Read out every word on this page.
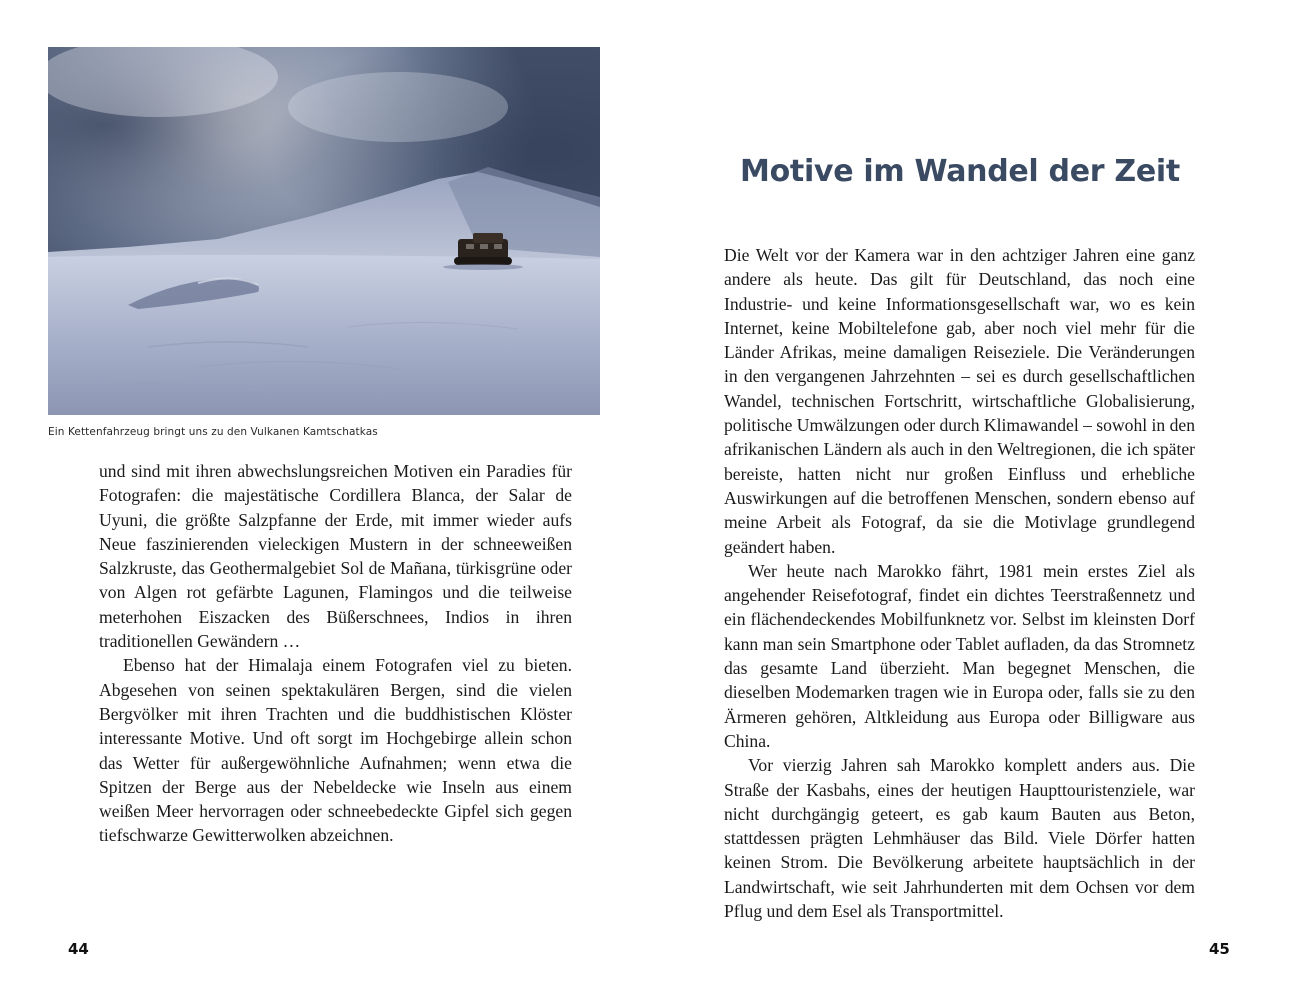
Ein Kettenfahrzeug bringt uns zu den Vulkanen Kamtschatkas

und sind mit ihren abwechslungsreichen Motiven ein Paradies für Fotografen: die majestätische Cordillera Blanca, der Salar de Uyuni, die größte Salzpfanne der Erde, mit immer wieder aufs Neue faszinierenden vieleckigen Mustern in der schneeweißen Salzkruste, das Geothermalgebiet Sol de Mañana, türkisgrüne oder von Algen rot gefärbte Lagunen, Flamingos und die teilweise meterhohen Eiszacken des Büßerschnees, Indios in ihren traditionellen Gewändern …

Ebenso hat der Himalaja einem Fotografen viel zu bieten. Abgesehen von seinen spektakulären Bergen, sind die vielen Bergvölker mit ihren Trachten und die buddhistischen Klöster interessante Motive. Und oft sorgt im Hochgebirge allein schon das Wetter für außergewöhnliche Aufnahmen; wenn etwa die Spitzen der Berge aus der Nebeldecke wie Inseln aus einem weißen Meer hervorragen oder schneebedeckte Gipfel sich gegen tiefschwarze Gewitterwolken abzeichnen.

Motive im Wandel der Zeit

Die Welt vor der Kamera war in den achtziger Jahren eine ganz andere als heute. Das gilt für Deutschland, das noch eine Industrie- und keine Informationsgesellschaft war, wo es kein Internet, keine Mobiltelefone gab, aber noch viel mehr für die Länder Afrikas, meine damaligen Reiseziele. Die Veränderungen in den vergangenen Jahrzehnten – sei es durch gesellschaftlichen Wandel, technischen Fortschritt, wirtschaftliche Globalisierung, politische Umwälzungen oder durch Klimawandel – sowohl in den afrikanischen Ländern als auch in den Weltregionen, die ich später bereiste, hatten nicht nur großen Einfluss und erhebliche Auswirkungen auf die betroffenen Menschen, sondern ebenso auf meine Arbeit als Fotograf, da sie die Motivlage grundlegend geändert haben.

Wer heute nach Marokko fährt, 1981 mein erstes Ziel als angehender Reisefotograf, findet ein dichtes Teerstraßennetz und ein flächendeckendes Mobilfunknetz vor. Selbst im kleinsten Dorf kann man sein Smartphone oder Tablet aufladen, da das Stromnetz das gesamte Land überzieht. Man begegnet Menschen, die dieselben Modemarken tragen wie in Europa oder, falls sie zu den Ärmeren gehören, Altkleidung aus Europa oder Billigware aus China.

Vor vierzig Jahren sah Marokko komplett anders aus. Die Straße der Kasbahs, eines der heutigen Haupttouristenziele, war nicht durchgängig geteert, es gab kaum Bauten aus Beton, stattdessen prägten Lehmhäuser das Bild. Viele Dörfer hatten keinen Strom. Die Bevölkerung arbeitete hauptsächlich in der Landwirtschaft, wie seit Jahrhunderten mit dem Ochsen vor dem Pflug und dem Esel als Transportmittel.

44	45
